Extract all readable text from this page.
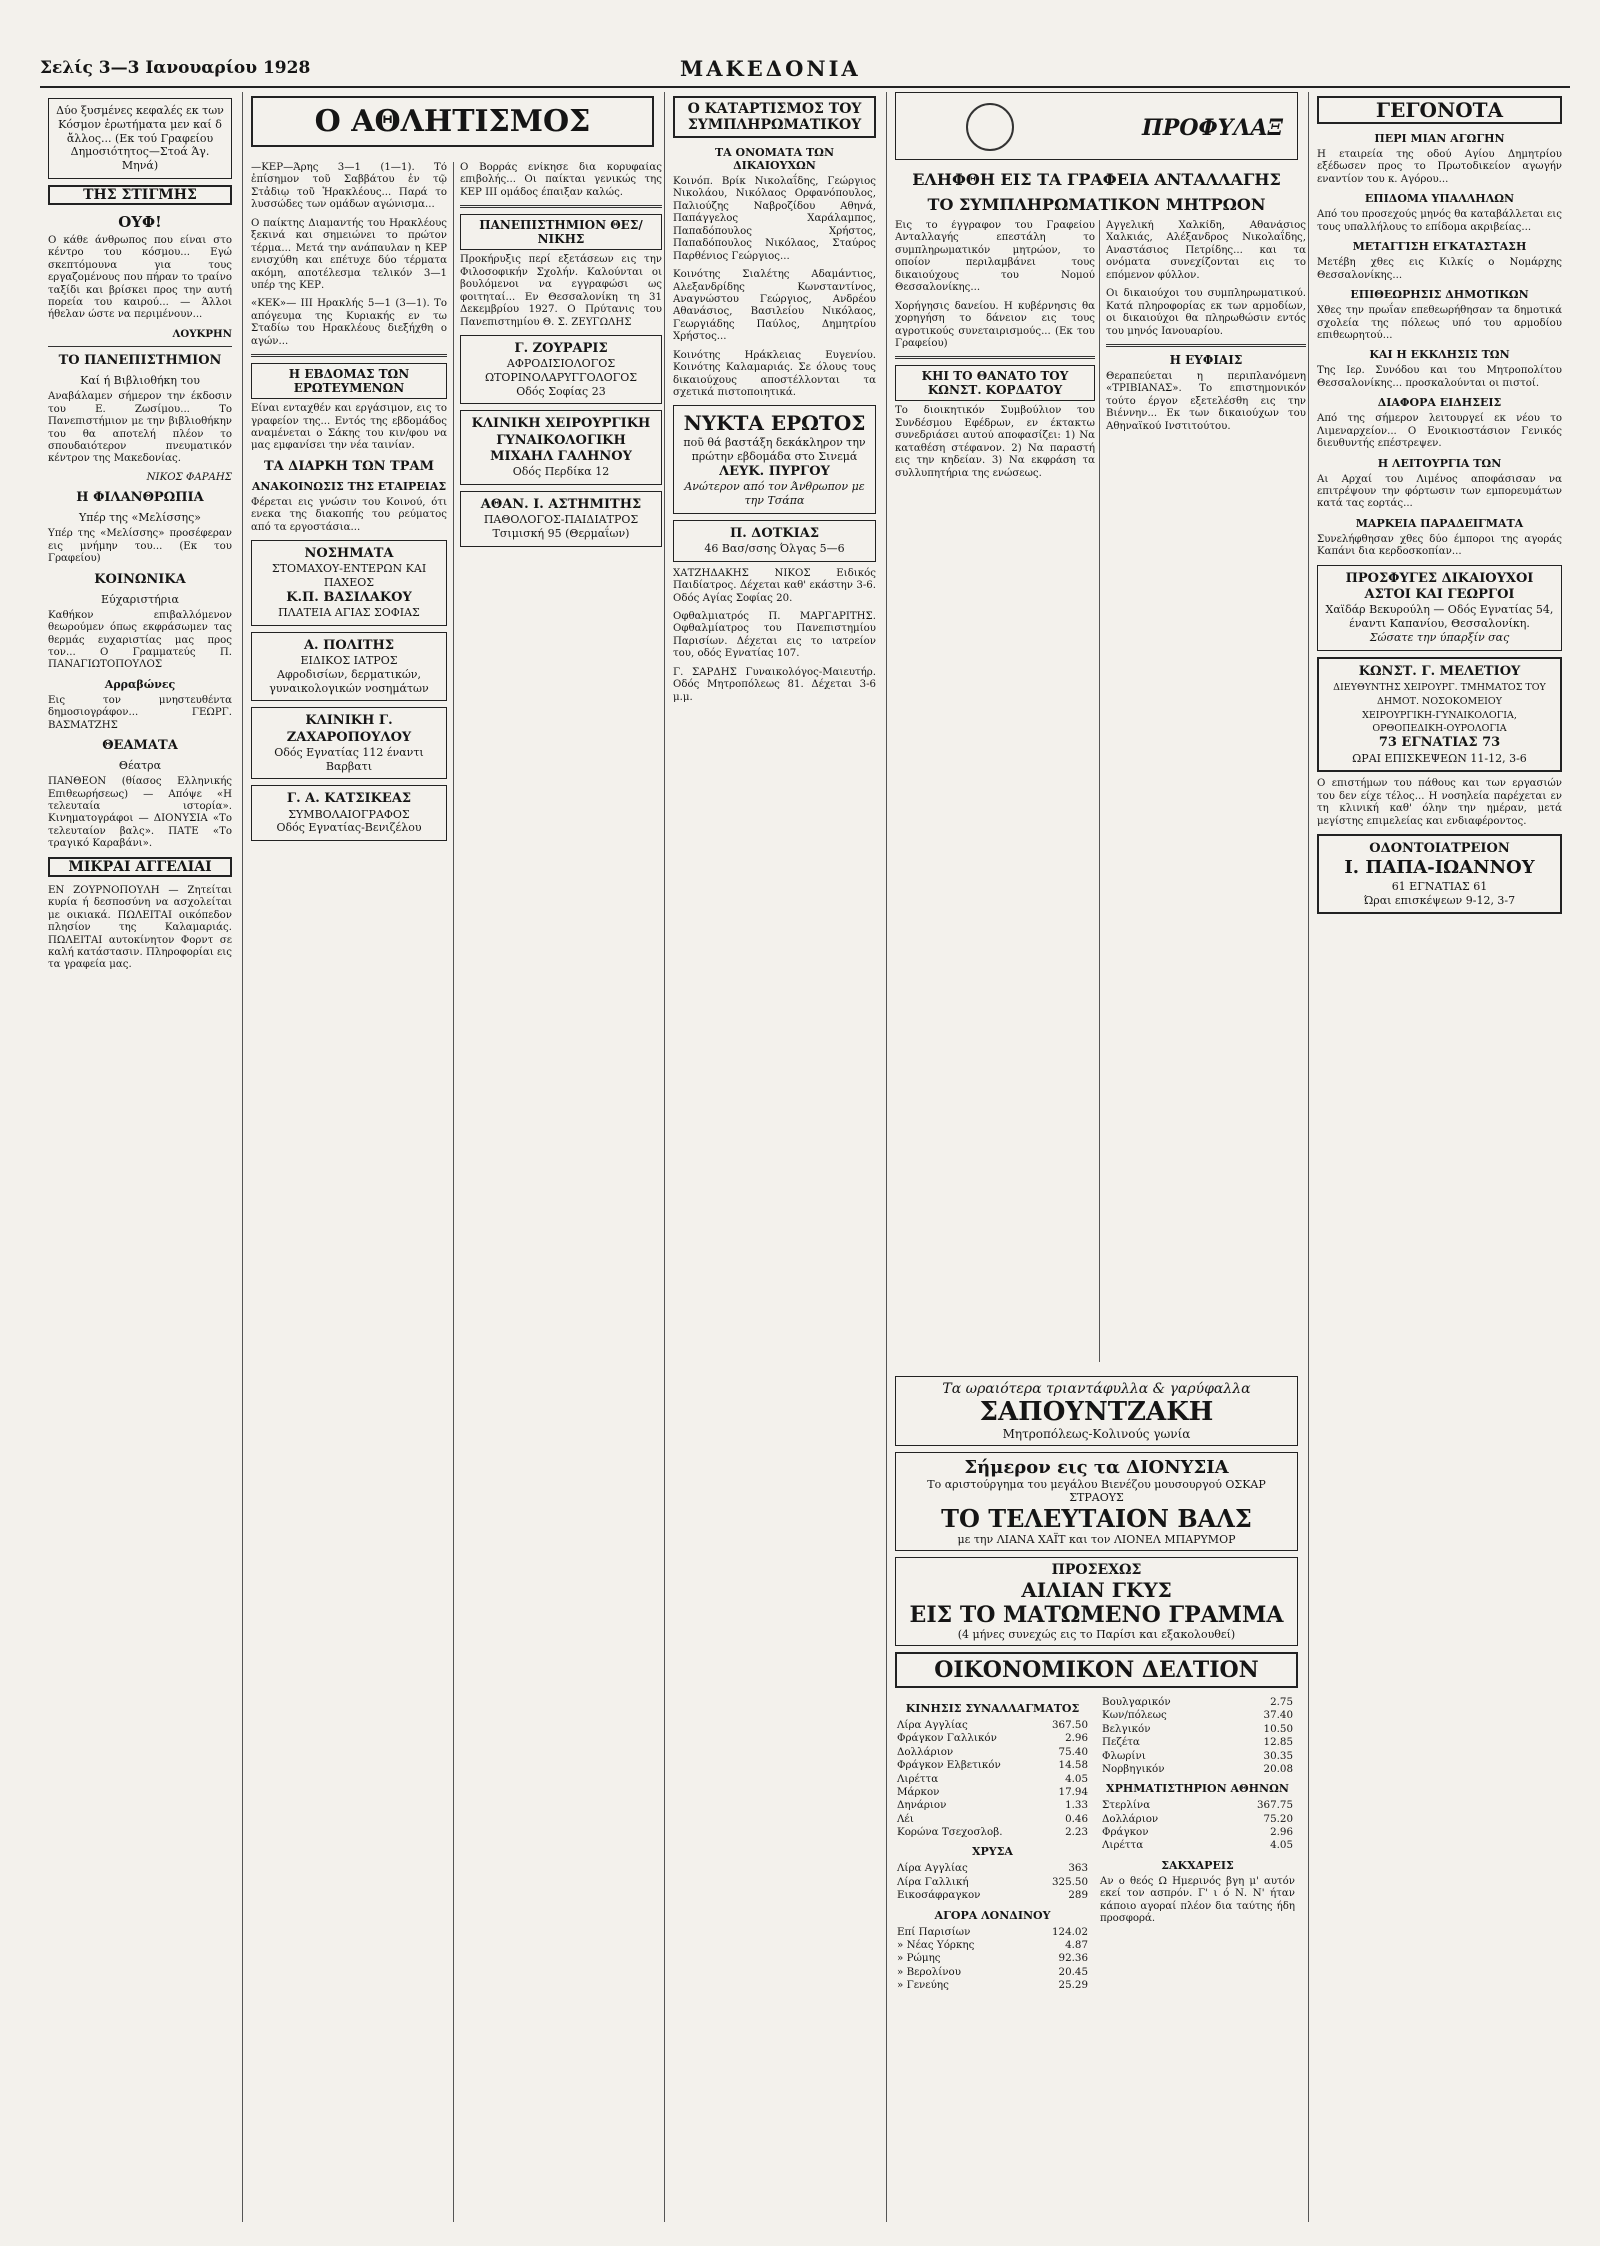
Σελίς 3—3 Ιανουαρίου 1928	ΜΑΚΕΔΟΝΙΑ
Δύο ξυσμένες κεφαλές εκ των Κόσμον ἐρωτήματα μεν καί δ ἄλλος... (Εκ τού Γραφείου Δημοσιότητος—Στοά Άγ. Μηνά)
ΤΗΣ ΣΤΙΓΜΗΣ
ΟΥΦ!

Ο κάθε άνθρωπος που είναι στο κέντρο του κόσμου... Εγώ σκεπτόμουνα για τους εργαζομένους που πήραν το τραίνο ταξίδι και βρίσκει προς την αυτή πορεία του καιρού... — Άλλοι ήθελαν ώστε να περιμένουν...

ΛΟΥΚΡΗΝ

ΤΟ ΠΑΝΕΠΙΣΤΗΜΙΟΝ
Καί ή Βιβλιοθήκη του

Αναβάλαμεν σήμερον την έκδοσιν του Ε. Ζωσίμου... Το Πανεπιστήμιον με την βιβλιοθήκην του θα αποτελή πλέον το σπουδαιότερον πνευματικόν κέντρον της Μακεδονίας.

ΝΙΚΟΣ ΦΑΡΑΗΣ

Η ΦΙΛΑΝΘΡΩΠΙΑ
Υπέρ της «Μελίσσης»

Υπέρ της «Μελίσσης» προσέφεραν εις μνήμην του... (Εκ του Γραφείου)

ΚΟΙΝΩΝΙΚΑ
Εύχαριστήρια

Καθήκον επιβαλλόμενον θεωρούμεν όπως εκφράσωμεν τας θερμάς ευχαριστίας μας προς τον... Ο Γραμματεύς Π. ΠΑΝΑΓΙΩΤΟΠΟΥΛΟΣ

Αρραβώνες

Εις τον μνηστευθέντα δημοσιογράφον... ΓΕΩΡΓ. ΒΑΣΜΑΤΖΗΣ

ΘΕΑΜΑΤΑ
Θέατρα

ΠΑΝΘΕΟΝ (θίασος Ελληνικής Επιθεωρήσεως) — Απόψε «Η τελευταία ιστορία». Κινηματογράφοι — ΔΙΟΝΥΣΙΑ «Το τελευταίον βαλς». ΠΑΤΕ «Το τραγικό Καραβάνι».

ΜΙΚΡΑΙ ΑΓΓΕΛΙΑΙ

ΕΝ ΖΟΥΡΝΟΠΟΥΛΗ — Ζητείται κυρία ή δεσποσύνη να ασχολείται με οικιακά. ΠΩΛΕΙΤΑΙ οικόπεδον πλησίον της Καλαμαριάς. ΠΩΛΕΙΤΑΙ αυτοκίνητον Φορντ σε καλή κατάστασιν. Πληροφορίαι εις τα γραφεία μας.

Ο ΑΘΛΗΤΙΣΜΟΣ

—ΚΕΡ—Άρης 3—1 (1—1). Τό ἐπίσημον τοῦ Σαββάτου ἐν τῷ Στἀδιῳ τοῦ Ἡρακλέους... Παρά το λυσσώδες των ομάδων αγώνισμα...

Ο παίκτης Διαμαντής του Ηρακλέους ξεκινά και σημειώνει το πρώτον τέρμα... Μετά την ανάπαυλαν η ΚΕΡ ενισχύθη και επέτυχε δύο τέρματα ακόμη, αποτέλεσμα τελικόν 3—1 υπέρ της ΚΕΡ.

«ΚΕΚ»— ΙΙΙ Ηρακλής 5—1 (3—1). Το απόγευμα της Κυριακής εν τω Σταδίω του Ηρακλέους διεξήχθη ο αγών...

Η ΕΒΔΟΜΑΣ ΤΩΝ ΕΡΩΤΕΥΜΕΝΩΝ

Είναι ενταχθέν και εργάσιμον, εις το γραφείον της... Εντός της εβδομάδος αναμένεται ο Σάκης του κιν/φου να μας εμφανίσει την νέα ταινίαν.

ΤΑ ΔΙΑΡΚΗ ΤΩΝ ΤΡΑΜ
ΑΝΑΚΟΙΝΩΣΙΣ ΤΗΣ ΕΤΑΙΡΕΙΑΣ

Φέρεται εις γνώσιν του Κοινού, ότι ενεκα της διακοπής του ρεύματος από τα εργοστάσια...

ΝΟΣΗΜΑΤΑ
ΣΤΟΜΑΧΟΥ-ΕΝΤΕΡΩΝ ΚΑΙ ΠΑΧΕΟΣ

Κ.Π. ΒΑΣΙΛΑΚΟΥ
ΠΛΑΤΕΙΑ ΑΓΙΑΣ ΣΟΦΙΑΣ
Α. ΠΟΛΙΤΗΣ
ΕΙΔΙΚΟΣ ΙΑΤΡΟΣ
Αφροδισίων, δερματικών, γυναικολογικών νοσημάτων
ΚΛΙΝΙΚΗ Γ. ΖΑΧΑΡΟΠΟΥΛΟΥ
Οδός Εγνατίας 112 έναντι Βαρβατι
Γ. Α. ΚΑΤΣΙΚΕΑΣ
ΣΥΜΒΟΛΑΙΟΓΡΑΦΟΣ
Οδός Εγνατίας-Βενιζέλου

Ο Βορράς ενίκησε δια κορυφαίας επιβολής... Οι παίκται γενικώς της ΚΕΡ ΙΙΙ ομάδος έπαιξαν καλώς.

ΠΑΝΕΠΙΣΤΗΜΙΟΝ ΘΕΣ/ΝΙΚΗΣ

Προκήρυξις περί εξετάσεων εις την Φιλοσοφικήν Σχολήν. Καλούνται οι βουλόμενοι να εγγραφώσι ως φοιτηταί... Εν Θεσσαλονίκη τη 31 Δεκεμβρίου 1927. Ο Πρύτανις του Πανεπιστημίου Θ. Σ. ΖΕΥΓΩΛΗΣ

Γ. ΖΟΥΡΑΡΙΣ
ΑΦΡΟΔΙΣΙΟΛΟΓΟΣ ΩΤΟΡΙΝΟΛΑΡΥΓΓΟΛΟΓΟΣ
Οδός Σοφίας 23
ΚΛΙΝΙΚΗ ΧΕΙΡΟΥΡΓΙΚΗ ΓΥΝΑΙΚΟΛΟΓΙΚΗ
ΜΙΧΑΗΛ ΓΑΛΗΝΟΥ
Οδός Περδίκα 12
ΑΘΑΝ. Ι. ΑΣΤΗΜΙΤΗΣ
ΠΑΘΟΛΟΓΟΣ-ΠΑΙΔΙΑΤΡΟΣ
Τσιμισκή 95 (Θερμαΐων)
Ο ΚΑΤΑΡΤΙΣΜΟΣ ΤΟΥ ΣΥΜΠΛΗΡΩΜΑΤΙΚΟΥ
ΤΑ ΟΝΟΜΑΤΑ ΤΩΝ ΔΙΚΑΙΟΥΧΩΝ

Κοινόπ. Βρίκ Νικολαΐδης, Γεώργιος Νικολάου, Νικόλαος Ορφανόπουλος, Παλιούζης Ναβροζίδου Αθηνά, Παπάγγελος Χαράλαμπος, Παπαδόπουλος Χρήστος, Παπαδόπουλος Νικόλαος, Σταύρος Παρθένιος Γεώργιος...

Κοινότης Σιαλέτης Αδαμάντιος, Αλεξανδρίδης Κωνσταντίνος, Αναγνώστου Γεώργιος, Ανδρέου Αθανάσιος, Βασιλείου Νικόλαος, Γεωργιάδης Παύλος, Δημητρίου Χρήστος...

Κοινότης Ηράκλειας Ευγενίου. Κοινότης Καλαμαριάς. Σε όλους τους δικαιούχους αποστέλλονται τα σχετικά πιστοποιητικά.

ΝΥΚΤΑ ΕΡΩΤΟΣ
ποῦ θά βαστάξη δεκάκληρον την πρώτην εβδομάδα στο Σινεμά
ΛΕΥΚ. ΠΥΡΓΟΥ
Ανώτερον από τον Άνθρωπον με την Τσάπα
Π. ΔΟΤΚΙΑΣ
46 Βασ/σσης Όλγας 5—6

ΧΑΤΖΗΔΑΚΗΣ ΝΙΚΟΣ Ειδικός Παιδίατρος. Δέχεται καθ' εκάστην 3-6. Οδός Αγίας Σοφίας 20.

Οφθαλμιατρός Π. ΜΑΡΓΑΡΙΤΗΣ. Οφθαλμίατρος του Πανεπιστημίου Παρισίων. Δέχεται εις το ιατρείον του, οδός Εγνατίας 107.

Γ. ΣΑΡΔΗΣ Γυναικολόγος-Μαιευτήρ. Οδός Μητροπόλεως 81. Δέχεται 3-6 μ.μ.

ΠΡΟΦΥΛΑΞ
ΕΛΗΦΘΗ ΕΙΣ ΤΑ ΓΡΑΦΕΙΑ ΑΝΤΑΛΛΑΓΗΣ
ΤΟ ΣΥΜΠΛΗΡΩΜΑΤΙΚΟΝ ΜΗΤΡΩΟΝ

Εις το έγγραφον του Γραφείου Ανταλλαγής επεστάλη το συμπληρωματικόν μητρώον, το οποίον περιλαμβάνει τους δικαιούχους του Νομού Θεσσαλονίκης...

Χορήγησις δανείου. Η κυβέρνησις θα χορηγήση το δάνειον εις τους αγροτικούς συνεταιρισμούς... (Εκ του Γραφείου)

ΚΗΙ ΤΟ ΘΑΝΑΤΟ ΤΟΥ ΚΩΝΣΤ. ΚΟΡΔΑΤΟΥ

Το διοικητικόν Συμβούλιον του Συνδέσμου Εφέδρων, εν έκτακτω συνεδριάσει αυτού αποφασίζει: 1) Να καταθέση στέφανον. 2) Να παραστή εις την κηδείαν. 3) Να εκφράση τα συλλυπητήρια της ενώσεως.

Αγγελική Χαλκίδη, Αθανάσιος Χαλκιάς, Αλέξανδρος Νικολαΐδης, Αναστάσιος Πετρίδης... και τα ονόματα συνεχίζονται εις το επόμενον φύλλον.

Οι δικαιούχοι του συμπληρωματικού. Κατά πληροφορίας εκ των αρμοδίων, οι δικαιούχοι θα πληρωθώσιν εντός του μηνός Ιανουαρίου.

Η ΕΥΦΙΑΙΣ

Θεραπεύεται η περιπλανόμενη «ΤΡΙΒΙΑΝΑΣ». Το επιστημονικόν τούτο έργον εξετελέσθη εις την Βιέννην... Εκ των δικαιούχων του Αθηναϊκού Ινστιτούτου.

Τα ωραιότερα τριαντάφυλλα & γαρύφαλλα
ΣΑΠΟΥΝΤΖΑΚΗ
Μητροπόλεως-Κολινούς γωνία
Σήμερον εις τα ΔΙΟΝΥΣΙΑ
Το αριστούργημα του μεγάλου Βιενέζου μουσουργού ΟΣΚΑΡ ΣΤΡΑΟΥΣ
ΤΟ ΤΕΛΕΥΤΑΙΟΝ ΒΑΛΣ
με την ΛΙΑΝΑ ΧΑΪΤ και τον ΛΙΟΝΕΛ ΜΠΑΡΥΜΟΡ
ΠΡΟΣΕΧΩΣ
ΑΙΛΙΑΝ ΓΚΥΣ
ΕΙΣ ΤΟ ΜΑΤΩΜΕΝΟ ΓΡΑΜΜΑ
(4 μήνες συνεχώς εις το Παρίσι και εξακολουθεί)
ΟΙΚΟΝΟΜΙΚΟΝ ΔΕΛΤΙΟΝ
ΚΙΝΗΣΙΣ ΣΥΝΑΛΛΑΓΜΑΤΟΣ
Λίρα Αγγλίας	367.50
Φράγκον Γαλλικόν	2.96
Δολλάριον	75.40
Φράγκον Ελβετικόν	14.58
Λιρέττα	4.05
Μάρκον	17.94
Δηνάριον	1.33
Λέι	0.46
Κορώνα Τσεχοσλοβ.	2.23
ΧΡΥΣΑ
Λίρα Αγγλίας	363
Λίρα Γαλλική	325.50
Εικοσάφραγκον	289
ΑΓΟΡΑ ΛΟΝΔΙΝΟΥ
Επί Παρισίων	124.02
» Νέας Υόρκης	4.87
» Ρώμης	92.36
» Βερολίνου	20.45
» Γενεύης	25.29
Βουλγαρικόν	2.75
Κων/πόλεως	37.40
Βελγικόν	10.50
Πεζέτα	12.85
Φλωρίνι	30.35
Νορβηγικόν	20.08
ΧΡΗΜΑΤΙΣΤΗΡΙΟΝ ΑΘΗΝΩΝ
Στερλίνα	367.75
Δολλάριον	75.20
Φράγκον	2.96
Λιρέττα	4.05
ΣΑΚΧΑΡΕΙΣ

Αν ο θεός Ω Ημερινός βγη μ' αυτόν εκεί τον ασπρόν. Γ' ι ό Ν. Ν' ήταν κάποιο αγοραί πλέον δια ταύτης ήδη προσφορά.

ΓΕΓΟΝΟΤΑ
ΠΕΡΙ ΜΙΑΝ ΑΓΩΓΗΝ

Η εταιρεία της οδού Αγίου Δημητρίου εξέδωσεν προς το Πρωτοδικείον αγωγήν εναντίον του κ. Αγόρου...

ΕΠΙΔΟΜΑ ΥΠΑΛΛΗΛΩΝ

Από του προσεχούς μηνός θα καταβάλλεται εις τους υπαλλήλους το επίδομα ακριβείας...

ΜΕΤΑΓΓΙΣΗ ΕΓΚΑΤΑΣΤΑΣΗ

Μετέβη χθες εις Κιλκίς ο Νομάρχης Θεσσαλονίκης...

ΕΠΙΘΕΩΡΗΣΙΣ ΔΗΜΟΤΙΚΩΝ

Χθες την πρωΐαν επεθεωρήθησαν τα δημοτικά σχολεία της πόλεως υπό του αρμοδίου επιθεωρητού...

ΚΑΙ Η ΕΚΚΛΗΣΙΣ ΤΩΝ

Της Ιερ. Συνόδου και του Μητροπολίτου Θεσσαλονίκης... προσκαλούνται οι πιστοί.

ΔΙΑΦΟΡΑ ΕΙΔΗΣΕΙΣ

Από της σήμερον λειτουργεί εκ νέου το Λιμεναρχείον... Ο Ενοικιοστάσιον Γενικός διευθυντής επέστρεψεν.

Η ΛΕΙΤΟΥΡΓΙΑ ΤΩΝ

Αι Αρχαί του Λιμένος αποφάσισαν να επιτρέψουν την φόρτωσιν των εμπορευμάτων κατά τας εορτάς...

ΜΑΡΚΕΙΑ ΠΑΡΑΔΕΙΓΜΑΤΑ

Συνελήφθησαν χθες δύο έμποροι της αγοράς Καπάνι δια κερδοσκοπίαν...

ΠΡΟΣΦΥΓΕΣ ΔΙΚΑΙΟΥΧΟΙ
ΑΣΤΟΙ ΚΑΙ ΓΕΩΡΓΟΙ
Χαϊδάρ Βεκυρούλη — Οδός Εγνατίας 54, έναντι Καπανίου, Θεσσαλονίκη.
Σώσατε την ύπαρξίν σας
ΚΩΝΣΤ. Γ. ΜΕΛΕΤΙΟΥ
ΔΙΕΥΘΥΝΤΗΣ ΧΕΙΡΟΥΡΓ. ΤΜΗΜΑΤΟΣ ΤΟΥ ΔΗΜΟΤ. ΝΟΣΟΚΟΜΕΙΟΥ
ΧΕΙΡΟΥΡΓΙΚΗ-ΓΥΝΑΙΚΟΛΟΓΙΑ, ΟΡΘΟΠΕΔΙΚΗ-ΟΥΡΟΛΟΓΙΑ

73 ΕΓΝΑΤΙΑΣ 73
ΩΡΑΙ ΕΠΙΣΚΕΨΕΩΝ 11-12, 3-6

Ο επιστήμων του πάθους και των εργασιών του δεν είχε τέλος... Η νοσηλεία παρέχεται εν τη κλινική καθ' όλην την ημέραν, μετά μεγίστης επιμελείας και ενδιαφέροντος.

ΟΔΟΝΤΟΙΑΤΡΕΙΟΝ
Ι. ΠΑΠΑ-ΙΩΑΝΝΟΥ
61 ΕΓΝΑΤΙΑΣ 61
Ώραι επισκέψεων 9-12, 3-7
